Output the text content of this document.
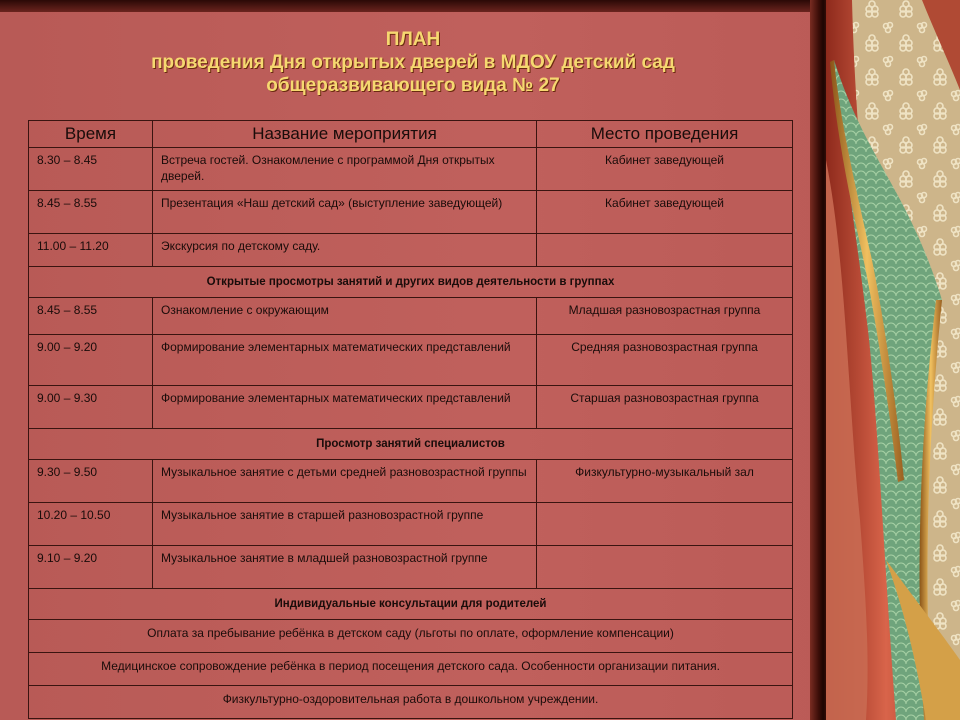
ПЛАН
проведения Дня открытых дверей в МДОУ детский сад
общеразвивающего вида № 27
Время	Название мероприятия	Место проведения
8.30 – 8.45	Встреча гостей. Ознакомление с программой Дня открытых дверей.	Кабинет заведующей
8.45 – 8.55	Презентация «Наш детский сад» (выступление заведующей)	Кабинет заведующей
11.00 – 11.20	Экскурсия по детскому саду.	
Открытые просмотры занятий и других видов деятельности в группах		
8.45 – 8.55	Ознакомление с окружающим	Младшая разновозрастная группа
9.00 – 9.20	Формирование элементарных математических представлений	Средняя разновозрастная группа
9.00 – 9.30	Формирование элементарных математических представлений	Старшая разновозрастная группа
Просмотр занятий специалистов		
9.30 – 9.50	Музыкальное занятие с детьми средней разновозрастной группы	Физкультурно-музыкальный зал
10.20 – 10.50	Музыкальное занятие в старшей разновозрастной группе	
9.10 – 9.20	Музыкальное занятие в младшей разновозрастной группе	
Индивидуальные консультации для родителей		
Оплата за пребывание ребёнка в детском саду (льготы по оплате, оформление компенсации)		
Медицинское сопровождение ребёнка в период посещения детского сада. Особенности организации питания.		
Физкультурно-оздоровительная работа в дошкольном учреждении.		
